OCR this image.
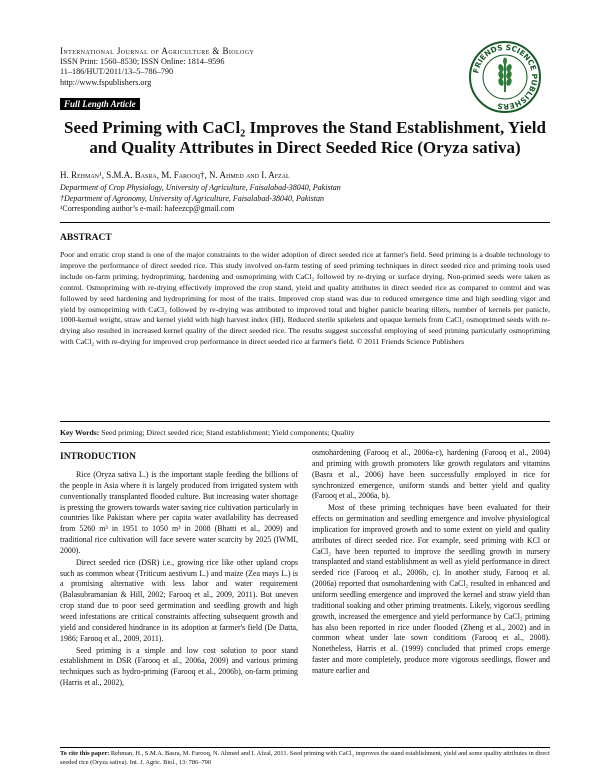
International Journal of Agriculture & Biology
ISSN Print: 1560–8530; ISSN Online: 1814–9596
11–186/HUT/2011/13–5–786–790
http://www.fspublishers.org
FRIENDS SCIENCE PUBLISHERS
Full Length Article
Seed Priming with CaCl₂ Improves the Stand Establishment, Yield and Quality Attributes in Direct Seeded Rice (Oryza sativa)
H. Rehman¹, S.M.A. Basra, M. Farooq†, N. Ahmed and I. Afzal
Department of Crop Physiology, University of Agriculture, Faisalabad-38040, Pakistan
†Department of Agronomy, University of Agriculture, Faisalabad-38040, Pakistan
¹Corresponding author’s e-mail: hafeezcp@gmail.com
ABSTRACT
Poor and erratic crop stand is one of the major constraints to the wider adoption of direct seeded rice at farmer's field. Seed priming is a doable technology to improve the performance of direct seeded rice. This study involved on-farm testing of seed priming techniques in direct seeded rice and priming tools used include on-farm priming, hydropriming, hardening and osmopriming with CaCl₂ followed by re-drying or surface drying. Non-primed seeds were taken as control. Osmopriming with re-drying effectively improved the crop stand, yield and quality attributes in direct seeded rice as compared to control and was followed by seed hardening and hydropriming for most of the traits. Improved crop stand was due to reduced emergence time and high seedling vigor and yield by osmopriming with CaCl₂ followed by re-drying was attributed to improved total and higher panicle bearing tillers, number of kernels per panicle, 1000-kernel weight, straw and kernel yield with high harvest index (HI). Reduced sterile spikelets and opaque kernels from CaCl₂ osmoprimed seeds with re-drying also resulted in increased kernel quality of the direct seeded rice. The results suggest successful employing of seed priming particularly osmopriming with CaCl₂ with re-drying for improved crop performance in direct seeded rice at farmer's field. © 2011 Friends Science Publishers
Key Words: Seed priming; Direct seeded rice; Stand establishment; Yield components; Quality
INTRODUCTION

Rice (Oryza sativa L.) is the important staple feeding the billions of the people in Asia where it is largely produced from irrigated system with conventionally transplanted flooded culture. But increasing water shortage is pressing the growers towards water saving rice cultivation particularly in countries like Pakistan where per capita water availability has decreased from 5260 m³ in 1951 to 1050 m³ in 2008 (Bhatti et al., 2009) and traditional rice cultivation will face severe water scarcity by 2025 (IWMI, 2000).

Direct seeded rice (DSR) i.e., growing rice like other upland crops such as common wheat (Triticum aestivum L.) and maize (Zea mays L.) is a promising alternative with less labor and water requirement (Balasubramanian & Hill, 2002; Farooq et al., 2009, 2011). But uneven crop stand due to poor seed germination and seedling growth and high weed infestations are critical constraints affecting subsequent growth and yield and considered hindrance in its adoption at farmer's field (De Datta, 1986; Farooq et al., 2009, 2011).

Seed priming is a simple and low cost solution to poor stand establishment in DSR (Farooq et al., 2006a, 2009) and various priming techniques such as hydro-priming (Farooq et al., 2006b), on-farm priming (Harris et al., 2002),

osmohardening (Farooq et al., 2006a-c), hardening (Farooq et al., 2004) and priming with growth promoters like growth regulators and vitamins (Basra et al., 2006) have been successfully employed in rice for synchronized emergence, uniform stands and better yield and quality (Farooq et al., 2006a, b).

Most of these priming techniques have been evaluated for their effects on germination and seedling emergence and involve physiological implication for improved growth and to some extent on yield and quality attributes of direct seeded rice. For example, seed priming with KCl or CaCl₂ have been reported to improve the seedling growth in nursery transplanted and stand establishment as well as yield performance in direct seeded rice (Farooq et al., 2006b, c). In another study, Farooq et al. (2006a) reported that osmohardening with CaCl₂ resulted in enhanced and uniform seedling emergence and improved the kernel and straw yield than traditional soaking and other priming treatments. Likely, vigorous seedling growth, increased the emergence and yield performance by CaCl₂ priming has also been reported in rice under flooded (Zheng et al., 2002) and in common wheat under late sown conditions (Farooq et al., 2008). Nonetheless, Harris et al. (1999) concluded that primed crops emerge faster and more completely, produce more vigorous seedlings, flower and mature earlier and

To cite this paper: Rehman, H., S.M.A. Basra, M. Farooq, N. Ahmed and I. Afzal, 2011. Seed priming with CaCl₂ improves the stand establishment, yield and some quality attributes in direct seeded rice (Oryza sativa). Int. J. Agric. Biol., 13: 786–790
